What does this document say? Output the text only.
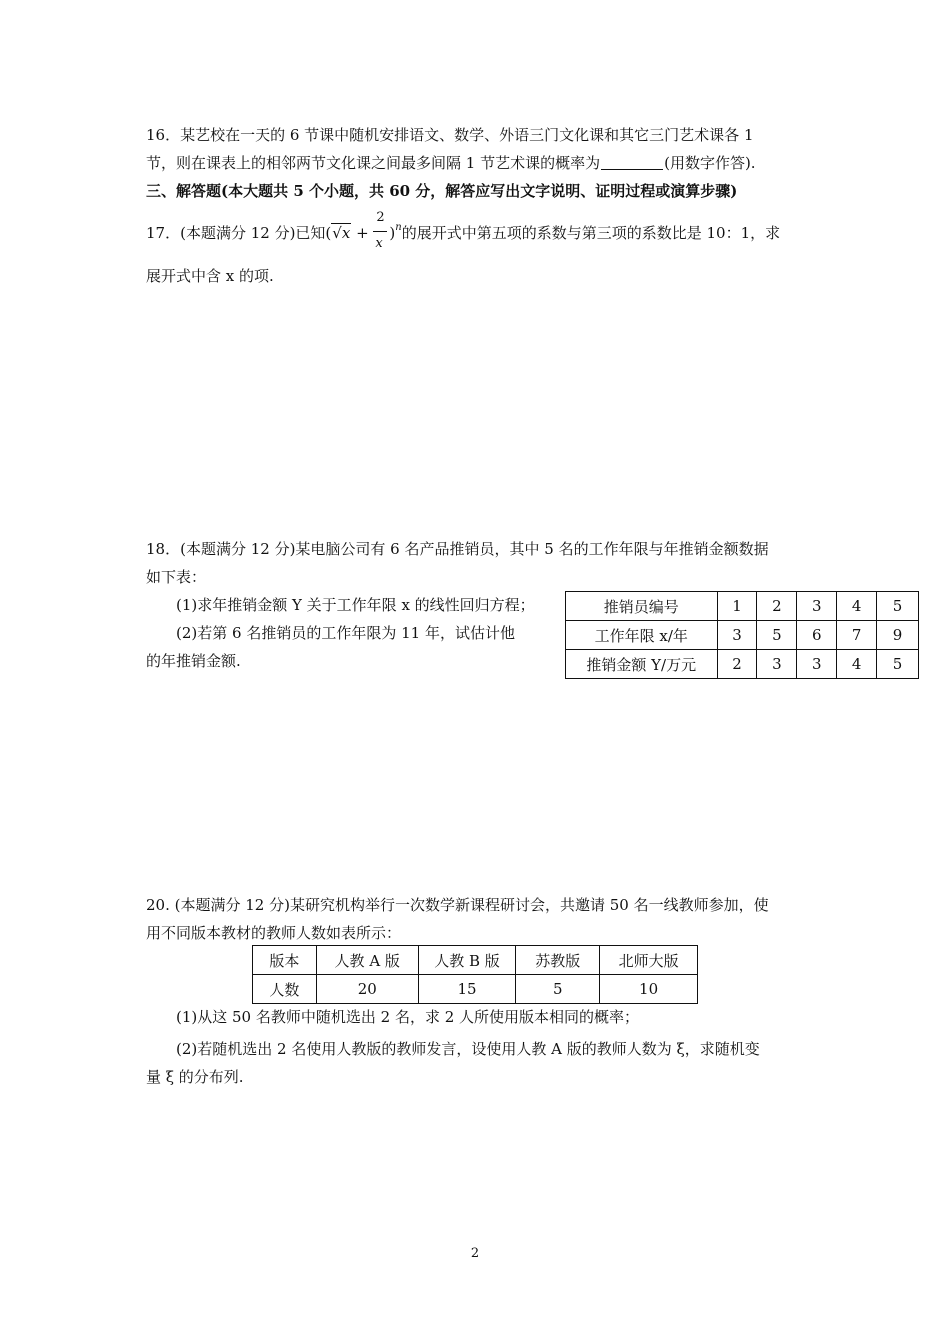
16．某艺校在一天的 6 节课中随机安排语文、数学、外语三门文化课和其它三门艺术课各 1
节，则在课表上的相邻两节文化课之间最多间隔 1 节艺术课的概率为	(用数字作答).
三、解答题(本大题共 5 个小题，共 60 分，解答应写出文字说明、证明过程或演算步骤)
17．(本题满分 12 分)已知$(√x + \frac{2}{x} )^n$的展开式中第五项的系数与第三项的系数比是 10：1，求
展开式中含 x 的项.
18．(本题满分 12 分)某电脑公司有 6 名产品推销员，其中 5 名的工作年限与年推销金额数据
如下表：
(1)求年推销金额 Y 关于工作年限 x 的线性回归方程；
(2)若第 6 名推销员的工作年限为 11 年，试估计他
的年推销金额.
推销员编号	1	2	3	4	5
工作年限 x/年	3	5	6	7	9
推销金额 Y/万元	2	3	3	4	5
20. (本题满分 12 分)某研究机构举行一次数学新课程研讨会，共邀请 50 名一线教师参加，使
用不同版本教材的教师人数如表所示：
版本	人教 A 版	人教 B 版	苏教版	北师大版
人数	20	15	5	10
(1)从这 50 名教师中随机选出 2 名，求 2 人所使用版本相同的概率；
(2)若随机选出 2 名使用人教版的教师发言，设使用人教 A 版的教师人数为 ξ，求随机变
量 ξ 的分布列.
2
